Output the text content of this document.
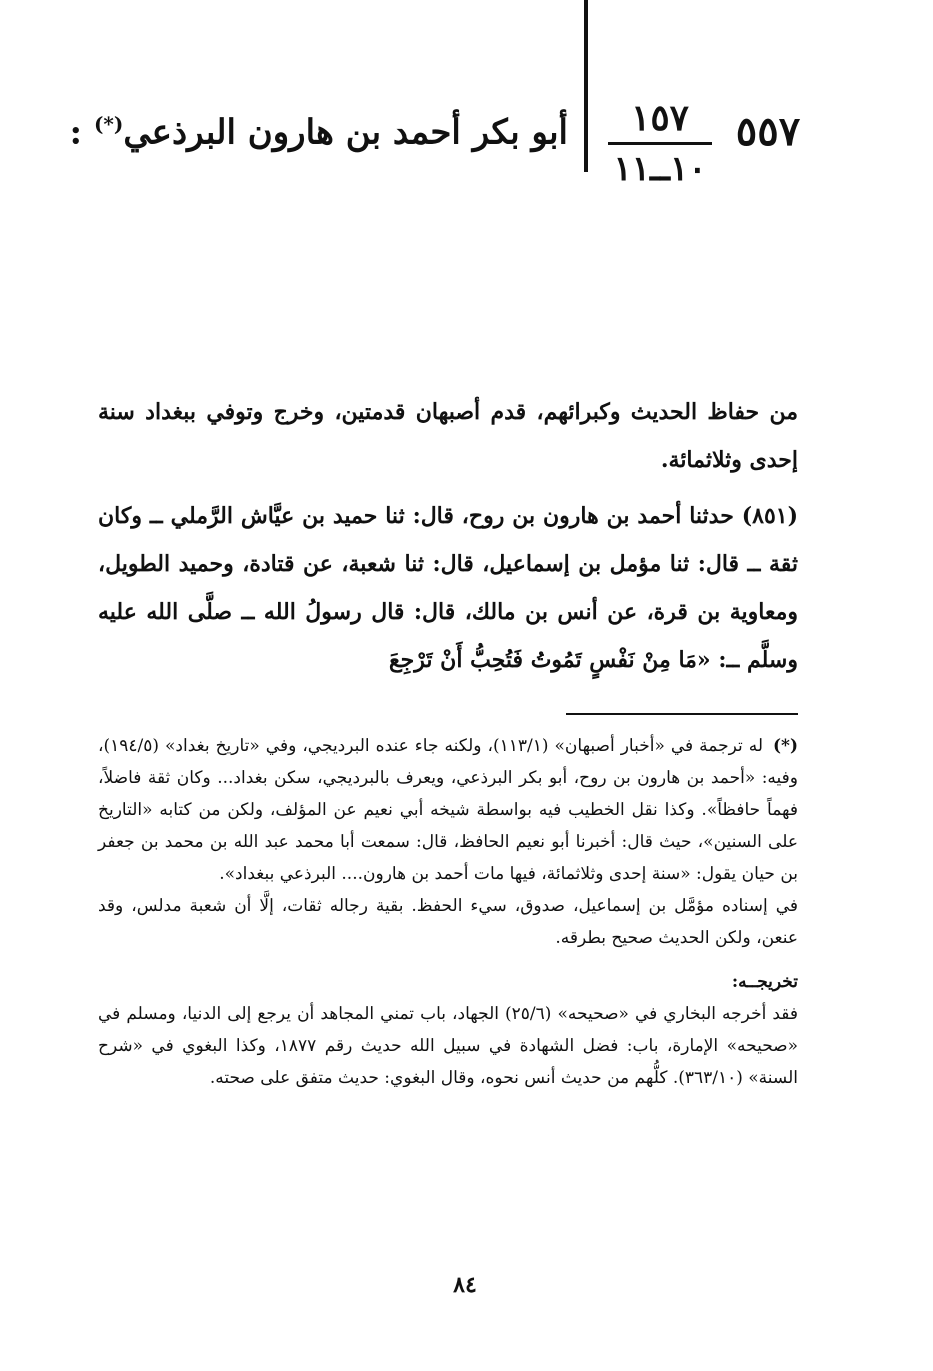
٥٥٧
١٥٧
١٠ــ١١
أبو بكر أحمد بن هارون البرذعي(*) :

من حفاظ الحديث وكبرائهم، قدم أصبهان قدمتين، وخرج وتوفي ببغداد سنة إحدى وثلاثمائة.

(٨٥١) حدثنا أحمد بن هارون بن روح، قال: ثنا حميد بن عيَّاش الرَّملي ــ وكان ثقة ــ قال: ثنا مؤمل بن إسماعيل، قال: ثنا شعبة، عن قتادة، وحميد الطويل، ومعاوية بن قرة، عن أنس بن مالك، قال: قال رسولُ الله ــ صلَّى الله عليه وسلَّم ــ: «مَا مِنْ نَفْسٍ تَمُوتُ فَتُحِبُّ أَنْ تَرْجِعَ

(*)له ترجمة في «أخبار أصبهان» (١١٣/١)، ولكنه جاء عنده البرديجي، وفي «تاريخ بغداد» (١٩٤/٥)، وفيه: «أحمد بن هارون بن روح، أبو بكر البرذعي، ويعرف بالبرديجي، سكن بغداد... وكان ثقة فاضلاً، فهماً حافظاً». وكذا نقل الخطيب فيه بواسطة شيخه أبي نعيم عن المؤلف، ولكن من كتابه «التاريخ على السنين»، حيث قال: أخبرنا أبو نعيم الحافظ، قال: سمعت أبا محمد عبد الله بن محمد بن جعفر بن حيان يقول: «سنة إحدى وثلاثمائة، فيها مات أحمد بن هارون.... البرذعي ببغداد».

في إسناده مؤمَّل بن إسماعيل، صدوق، سيء الحفظ. بقية رجاله ثقات، إلَّا أن شعبة مدلس، وقد عنعن، ولكن الحديث صحيح بطرقه.

تخريجــه:

فقد أخرجه البخاري في «صحيحه» (٢٥/٦) الجهاد، باب تمني المجاهد أن يرجع إلى الدنيا، ومسلم في «صحيحه» الإمارة، باب: فضل الشهادة في سبيل الله حديث رقم ١٨٧٧، وكذا البغوي في «شرح السنة» (٣٦٣/١٠). كلُّهم من حديث أنس نحوه، وقال البغوي: حديث متفق على صحته.

٨٤
